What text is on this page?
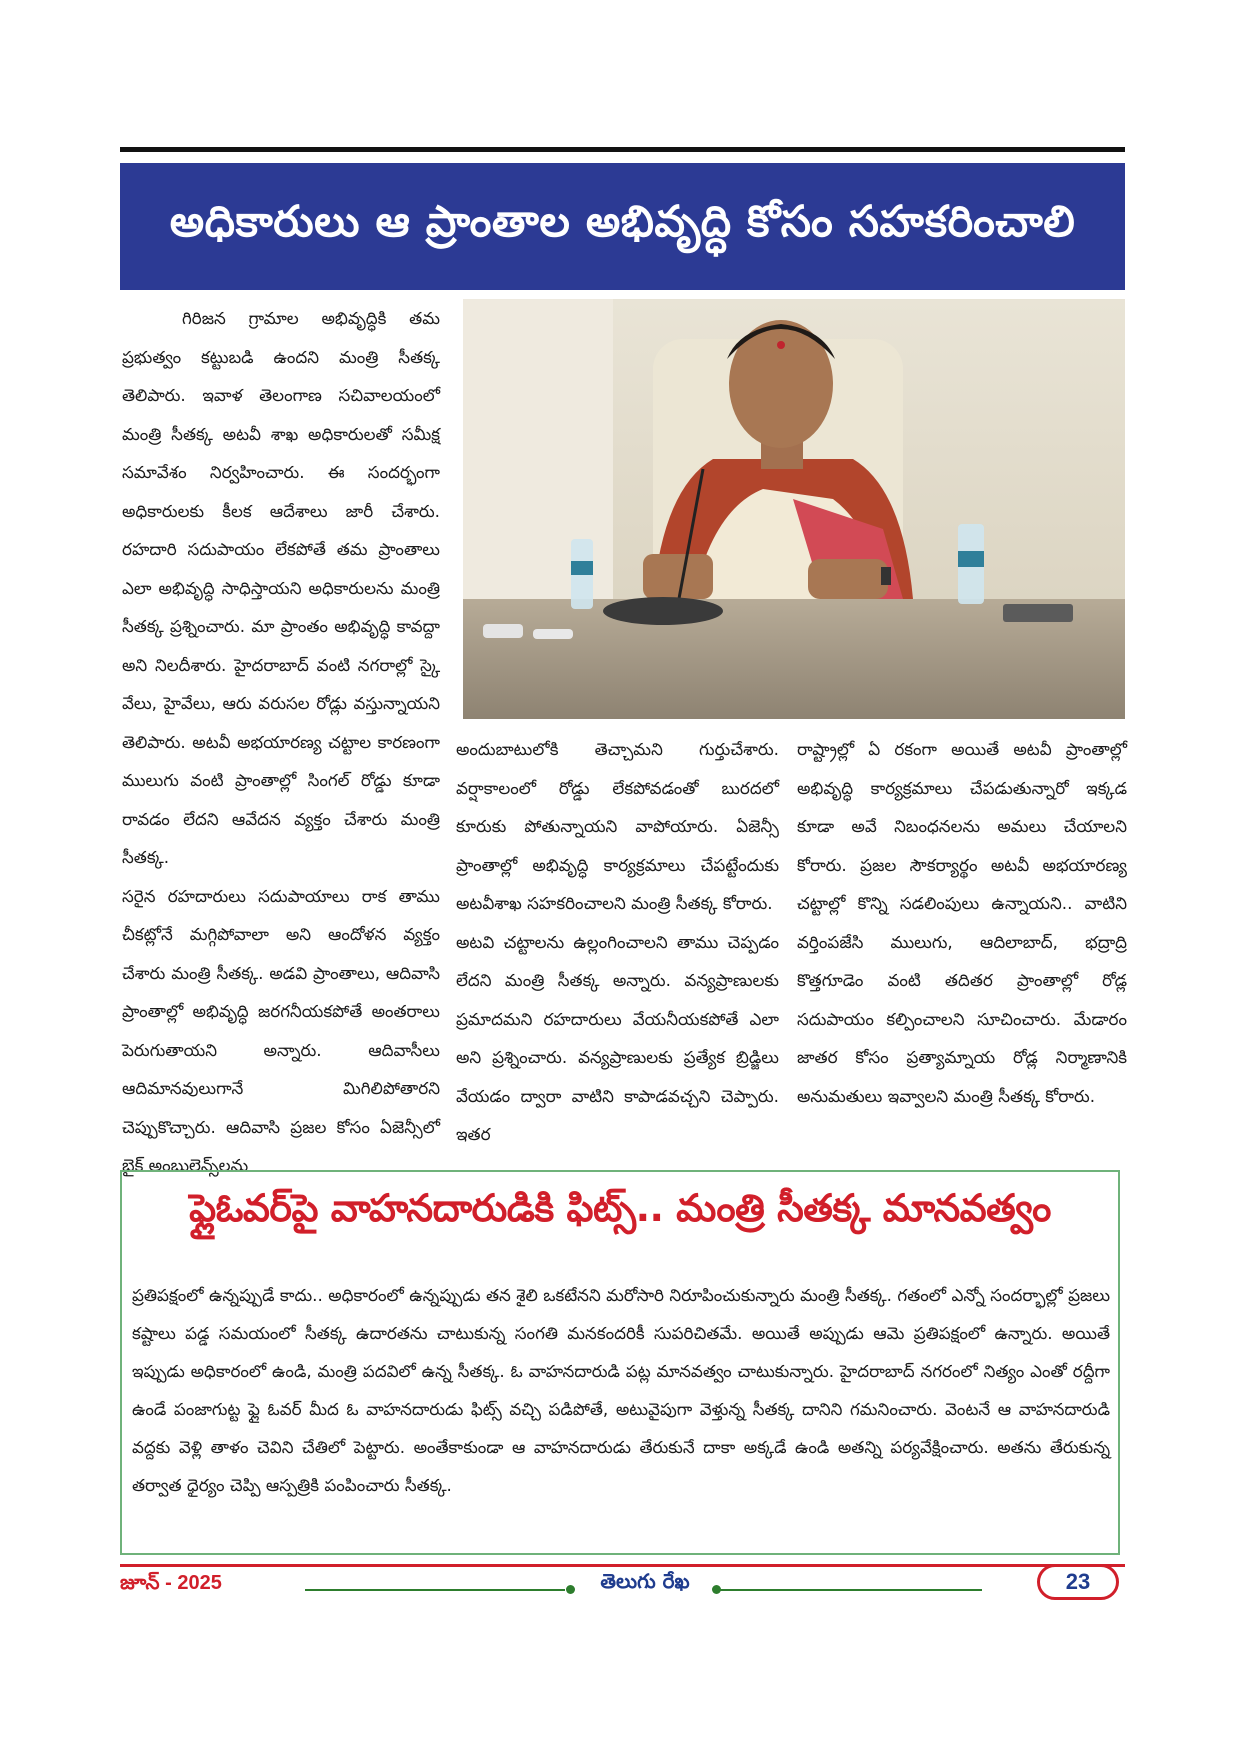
అధికారులు ఆ ప్రాంతాల అభివృద్ధి కోసం సహకరించాలి

గిరిజన గ్రామాల అభివృద్ధికి తమ ప్రభుత్వం కట్టుబడి ఉందని మంత్రి సీతక్క తెలిపారు. ఇవాళ తెలంగాణ సచివాలయంలో మంత్రి సీతక్క అటవీ శాఖ అధికారులతో సమీక్ష సమావేశం నిర్వహించారు. ఈ సందర్భంగా అధికారులకు కీలక ఆదేశాలు జారీ చేశారు. రహదారి సదుపాయం లేకపోతే తమ ప్రాంతాలు ఎలా అభివృద్ధి సాధిస్తాయని అధికారులను మంత్రి సీతక్క ప్రశ్నించారు. మా ప్రాంతం అభివృద్ధి కావద్దా అని నిలదీశారు. హైదరాబాద్ వంటి నగరాల్లో స్కై వేలు, హైవేలు, ఆరు వరుసల రోడ్లు వస్తున్నాయని తెలిపారు. అటవీ అభయారణ్య చట్టాల కారణంగా ములుగు వంటి ప్రాంతాల్లో సింగల్ రోడ్డు కూడా రావడం లేదని ఆవేదన వ్యక్తం చేశారు మంత్రి సీతక్క.

సరైన రహదారులు సదుపాయాలు రాక తాము చీకట్లోనే మగ్గిపోవాలా అని ఆందోళన వ్యక్తం చేశారు మంత్రి సీతక్క. అడవి ప్రాంతాలు, ఆదివాసి ప్రాంతాల్లో అభివృద్ధి జరగనీయకపోతే అంతరాలు పెరుగుతాయని అన్నారు. ఆదివాసీలు ఆదిమానవులుగానే మిగిలిపోతారని చెప్పుకొచ్చారు. ఆదివాసి ప్రజల కోసం ఏజెన్సీలో బైక్ అంబులెన్స్‌లను

అందుబాటులోకి తెచ్చామని గుర్తుచేశారు. వర్షాకాలంలో రోడ్డు లేకపోవడంతో బురదలో కూరుకు పోతున్నాయని వాపోయారు. ఏజెన్సీ ప్రాంతాల్లో అభివృద్ధి కార్యక్రమాలు చేపట్టేందుకు అటవీశాఖ సహకరించాలని మంత్రి సీతక్క కోరారు.

అటవి చట్టాలను ఉల్లంగించాలని తాము చెప్పడం లేదని మంత్రి సీతక్క అన్నారు. వన్యప్రాణులకు ప్రమాదమని రహదారులు వేయనీయకపోతే ఎలా అని ప్రశ్నించారు. వన్యప్రాణులకు ప్రత్యేక బ్రిడ్జిలు వేయడం ద్వారా వాటిని కాపాడవచ్చని చెప్పారు. ఇతర

రాష్ట్రాల్లో ఏ రకంగా అయితే అటవీ ప్రాంతాల్లో అభివృద్ధి కార్యక్రమాలు చేపడుతున్నారో ఇక్కడ కూడా అవే నిబంధనలను అమలు చేయాలని కోరారు. ప్రజల సౌకర్యార్థం అటవీ అభయారణ్య చట్టాల్లో కొన్ని సడలింపులు ఉన్నాయని.. వాటిని వర్తింపజేసి ములుగు, ఆదిలాబాద్, భద్రాద్రి కొత్తగూడెం వంటి తదితర ప్రాంతాల్లో రోడ్ల సదుపాయం కల్పించాలని సూచించారు. మేడారం జాతర కోసం ప్రత్యామ్నాయ రోడ్ల నిర్మాణానికి అనుమతులు ఇవ్వాలని మంత్రి సీతక్క కోరారు.

ఫ్లైఓవర్‌పై వాహనదారుడికి ఫిట్స్.. మంత్రి సీతక్క మానవత్వం

ప్రతిపక్షంలో ఉన్నప్పుడే కాదు.. అధికారంలో ఉన్నప్పుడు తన శైలి ఒకటేనని మరోసారి నిరూపించుకున్నారు మంత్రి సీతక్క. గతంలో ఎన్నో సందర్భాల్లో ప్రజలు కష్టాలు పడ్డ సమయంలో సీతక్క ఉదారతను చాటుకున్న సంగతి మనకందరికీ సుపరిచితమే. అయితే అప్పుడు ఆమె ప్రతిపక్షంలో ఉన్నారు. అయితే ఇప్పుడు అధికారంలో ఉండి, మంత్రి పదవిలో ఉన్న సీతక్క. ఓ వాహనదారుడి పట్ల మానవత్వం చాటుకున్నారు. హైదరాబాద్ నగరంలో నిత్యం ఎంతో రద్దీగా ఉండే పంజాగుట్ట ఫ్లై ఓవర్ మీద ఓ వాహనదారుడు ఫిట్స్ వచ్చి పడిపోతే, అటువైపుగా వెళ్తున్న సీతక్క దానిని గమనించారు. వెంటనే ఆ వాహనదారుడి వద్దకు వెళ్లి తాళం చెవిని చేతిలో పెట్టారు. అంతేకాకుండా ఆ వాహనదారుడు తేరుకునే దాకా అక్కడే ఉండి అతన్ని పర్యవేక్షించారు. అతను తేరుకున్న తర్వాత ధైర్యం చెప్పి ఆస్పత్రికి పంపించారు సీతక్క.

జూన్ - 2025	తెలుగు రేఖ	23
